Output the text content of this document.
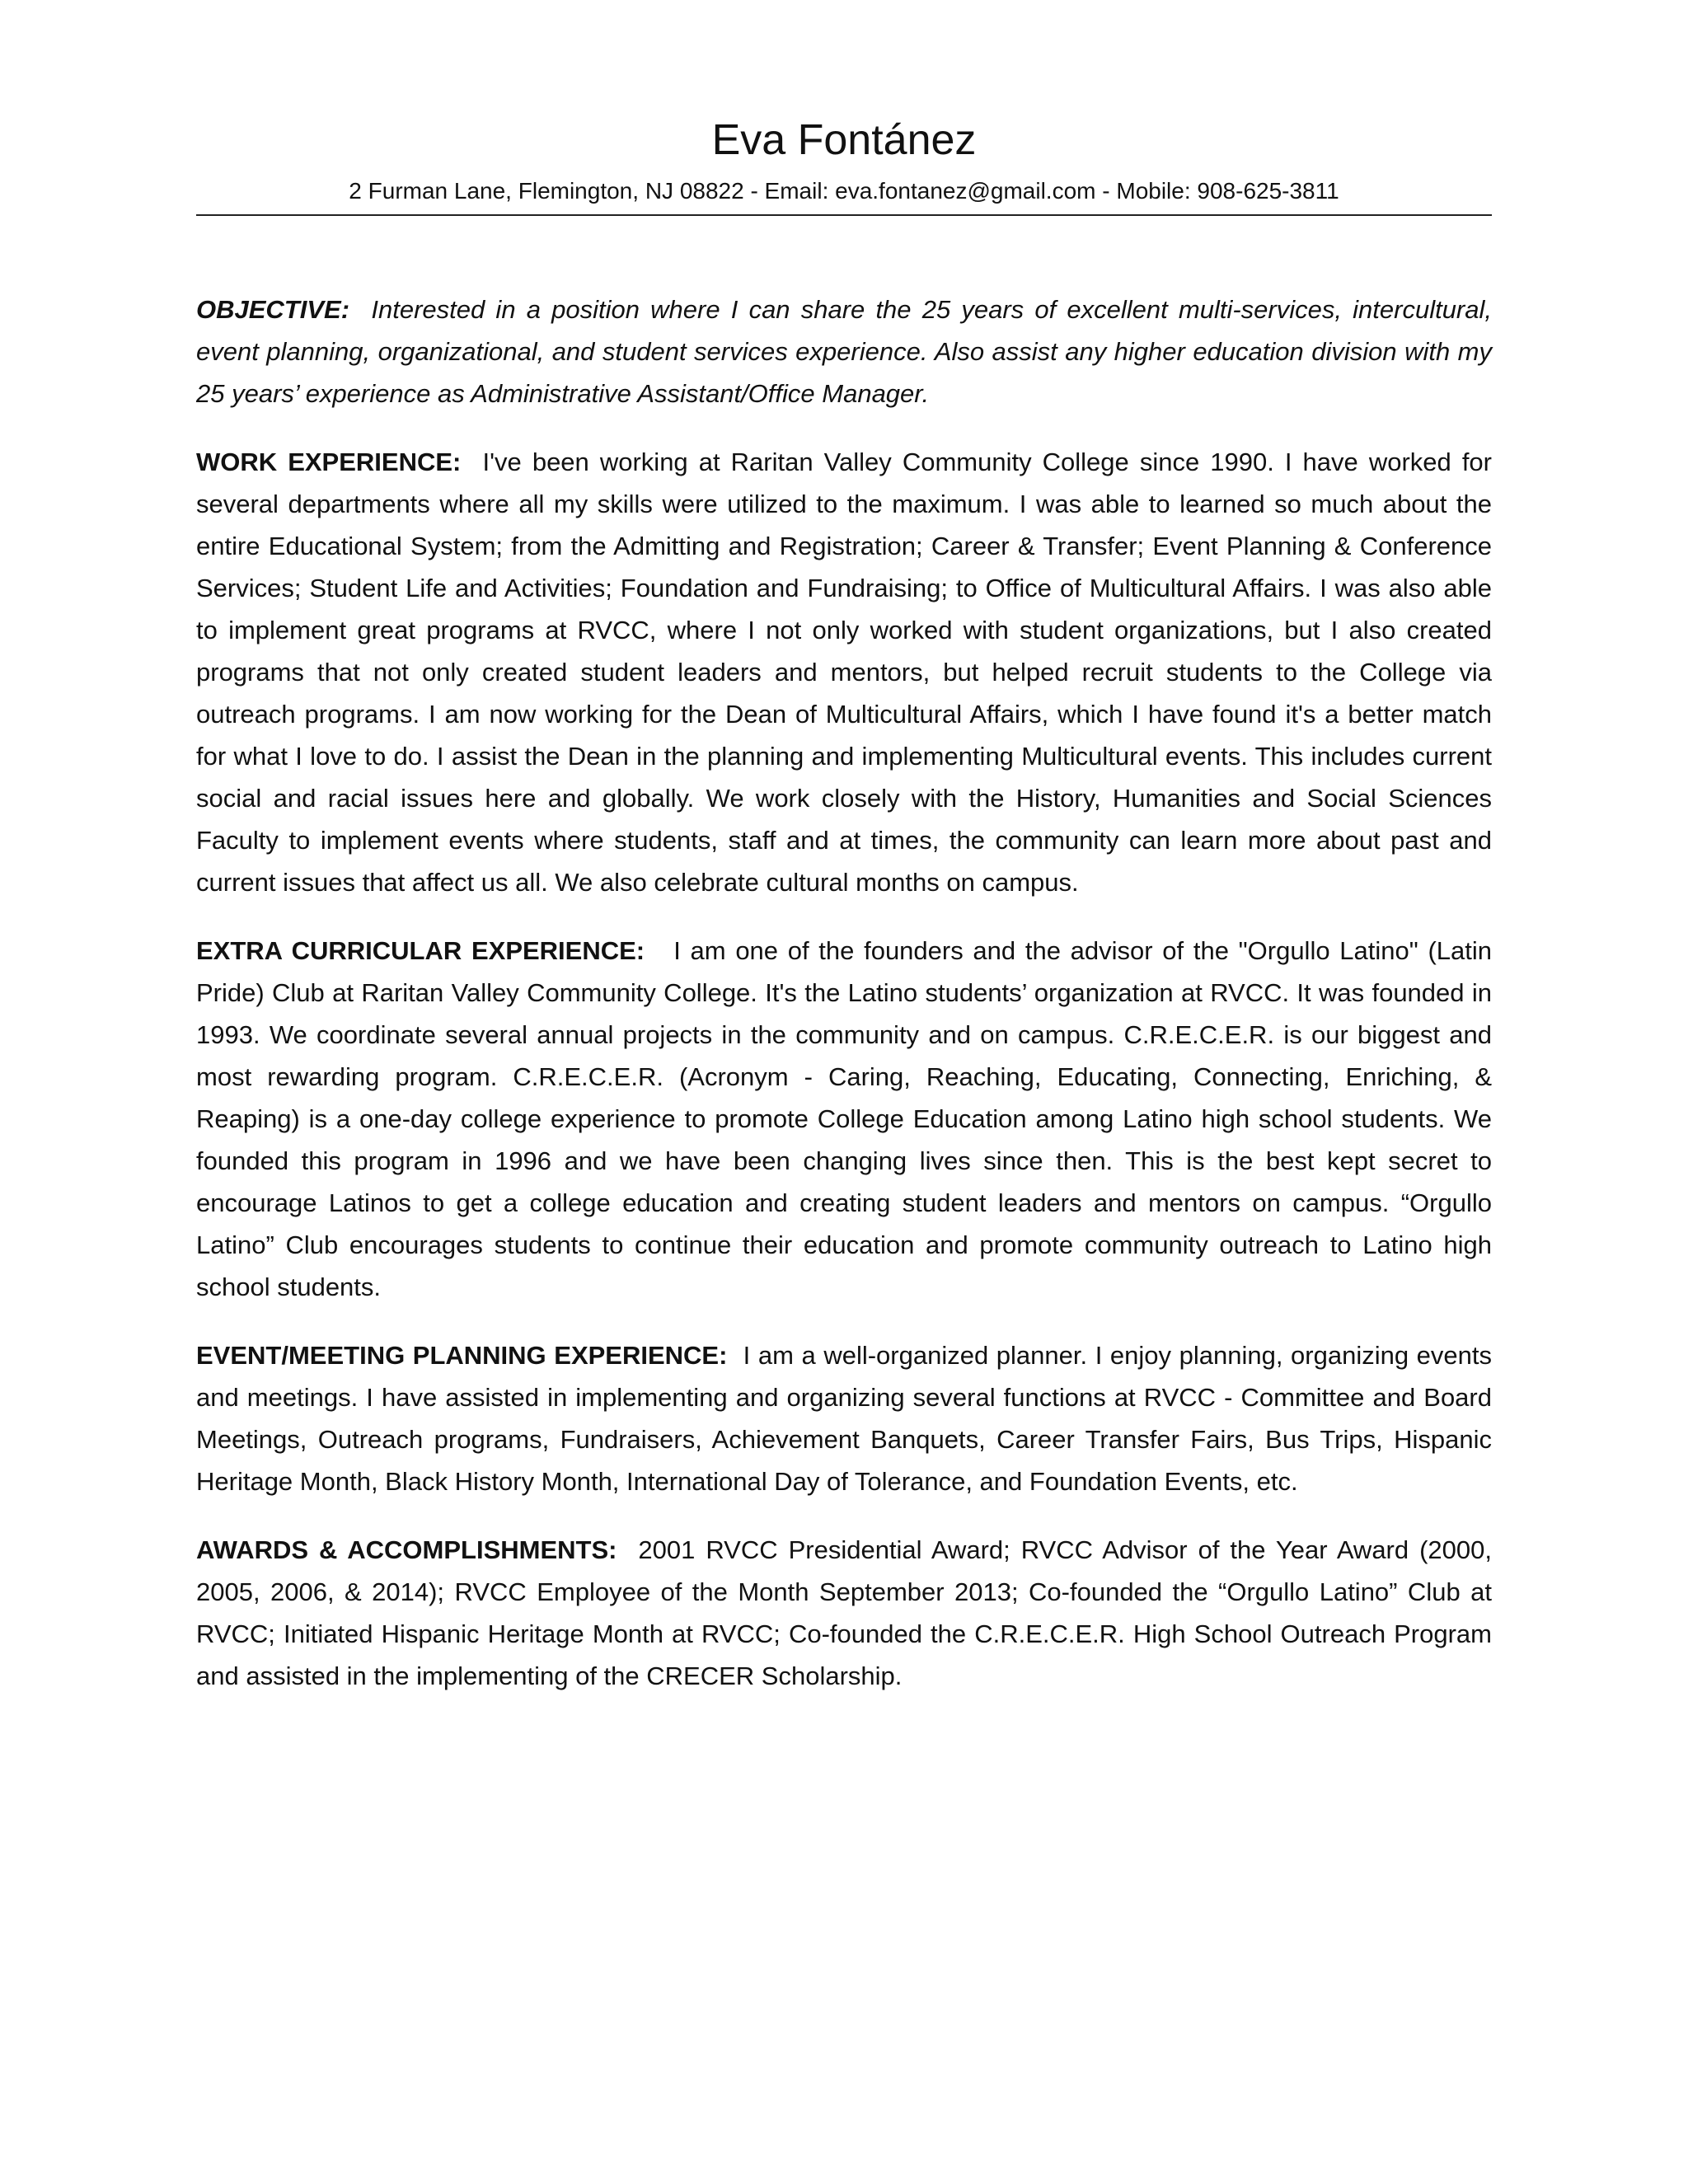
Eva Fontánez
2 Furman Lane, Flemington, NJ 08822 - Email: eva.fontanez@gmail.com - Mobile: 908-625-3811

OBJECTIVE: Interested in a position where I can share the 25 years of excellent multi-services, intercultural, event planning, organizational, and student services experience. Also assist any higher education division with my 25 years’ experience as Administrative Assistant/Office Manager.

WORK EXPERIENCE: I've been working at Raritan Valley Community College since 1990. I have worked for several departments where all my skills were utilized to the maximum. I was able to learned so much about the entire Educational System; from the Admitting and Registration; Career & Transfer; Event Planning & Conference Services; Student Life and Activities; Foundation and Fundraising; to Office of Multicultural Affairs. I was also able to implement great programs at RVCC, where I not only worked with student organizations, but I also created programs that not only created student leaders and mentors, but helped recruit students to the College via outreach programs. I am now working for the Dean of Multicultural Affairs, which I have found it's a better match for what I love to do. I assist the Dean in the planning and implementing Multicultural events. This includes current social and racial issues here and globally. We work closely with the History, Humanities and Social Sciences Faculty to implement events where students, staff and at times, the community can learn more about past and current issues that affect us all. We also celebrate cultural months on campus.

EXTRA CURRICULAR EXPERIENCE: I am one of the founders and the advisor of the "Orgullo Latino" (Latin Pride) Club at Raritan Valley Community College. It's the Latino students’ organization at RVCC. It was founded in 1993. We coordinate several annual projects in the community and on campus. C.R.E.C.E.R. is our biggest and most rewarding program. C.R.E.C.E.R. (Acronym - Caring, Reaching, Educating, Connecting, Enriching, & Reaping) is a one-day college experience to promote College Education among Latino high school students. We founded this program in 1996 and we have been changing lives since then. This is the best kept secret to encourage Latinos to get a college education and creating student leaders and mentors on campus. “Orgullo Latino” Club encourages students to continue their education and promote community outreach to Latino high school students.

EVENT/MEETING PLANNING EXPERIENCE: I am a well-organized planner. I enjoy planning, organizing events and meetings. I have assisted in implementing and organizing several functions at RVCC - Committee and Board Meetings, Outreach programs, Fundraisers, Achievement Banquets, Career Transfer Fairs, Bus Trips, Hispanic Heritage Month, Black History Month, International Day of Tolerance, and Foundation Events, etc.

AWARDS & ACCOMPLISHMENTS: 2001 RVCC Presidential Award; RVCC Advisor of the Year Award (2000, 2005, 2006, & 2014); RVCC Employee of the Month September 2013; Co-founded the “Orgullo Latino” Club at RVCC; Initiated Hispanic Heritage Month at RVCC; Co-founded the C.R.E.C.E.R. High School Outreach Program and assisted in the implementing of the CRECER Scholarship.
